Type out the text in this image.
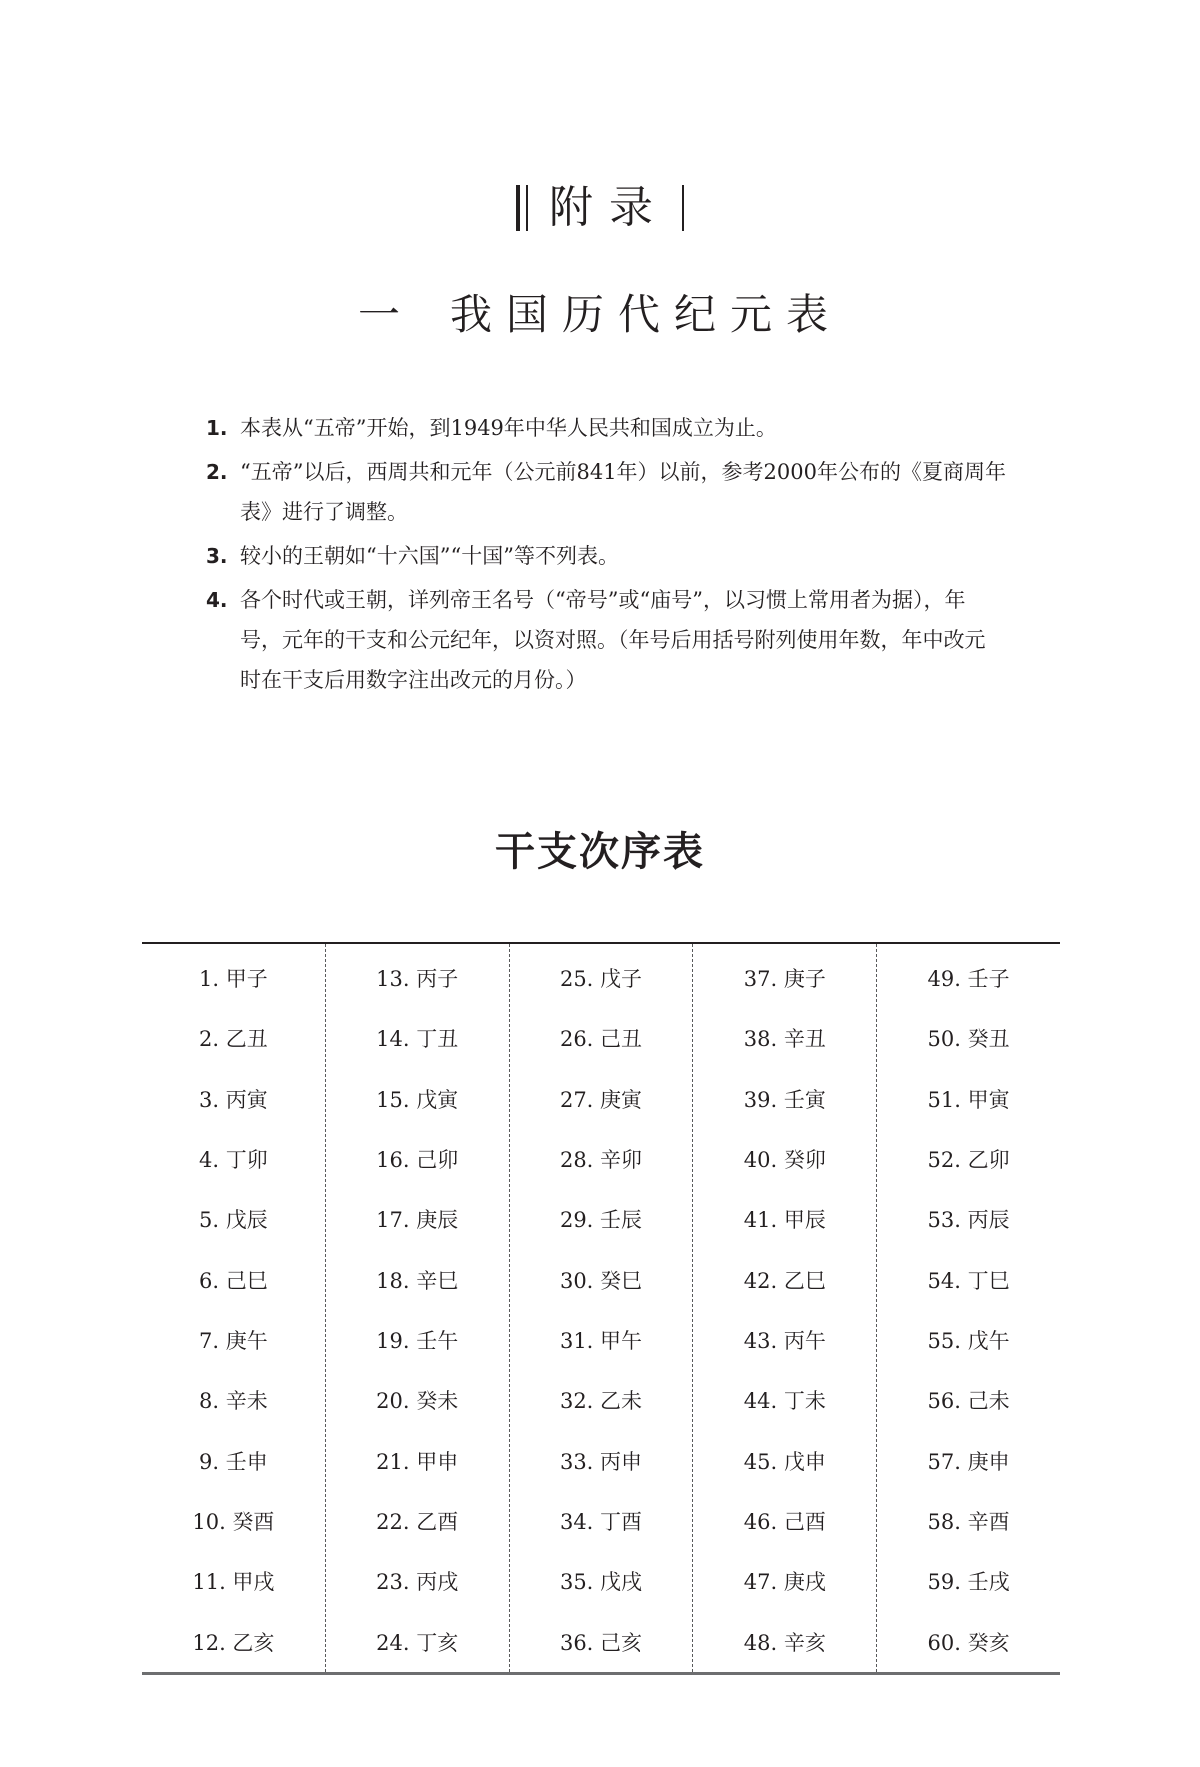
附录
一 我国历代纪元表
1. 本表从“五帝”开始，到1949年中华人民共和国成立为止。
2. “五帝”以后，西周共和元年（公元前841年）以前，参考2000年公布的《夏商周年表》进行了调整。
3. 较小的王朝如“十六国”“十国”等不列表。
4. 各个时代或王朝，详列帝王名号（“帝号”或“庙号”，以习惯上常用者为据），年号，元年的干支和公元纪年，以资对照。（年号后用括号附列使用年数，年中改元时在干支后用数字注出改元的月份。）
干支次序表
1. 甲子
2. 乙丑
3. 丙寅
4. 丁卯
5. 戊辰
6. 己巳
7. 庚午
8. 辛未
9. 壬申
10. 癸酉
11. 甲戌
12. 乙亥
13. 丙子
14. 丁丑
15. 戊寅
16. 己卯
17. 庚辰
18. 辛巳
19. 壬午
20. 癸未
21. 甲申
22. 乙酉
23. 丙戌
24. 丁亥
25. 戊子
26. 己丑
27. 庚寅
28. 辛卯
29. 壬辰
30. 癸巳
31. 甲午
32. 乙未
33. 丙申
34. 丁酉
35. 戊戌
36. 己亥
37. 庚子
38. 辛丑
39. 壬寅
40. 癸卯
41. 甲辰
42. 乙巳
43. 丙午
44. 丁未
45. 戊申
46. 己酉
47. 庚戌
48. 辛亥
49. 壬子
50. 癸丑
51. 甲寅
52. 乙卯
53. 丙辰
54. 丁巳
55. 戊午
56. 己未
57. 庚申
58. 辛酉
59. 壬戌
60. 癸亥
